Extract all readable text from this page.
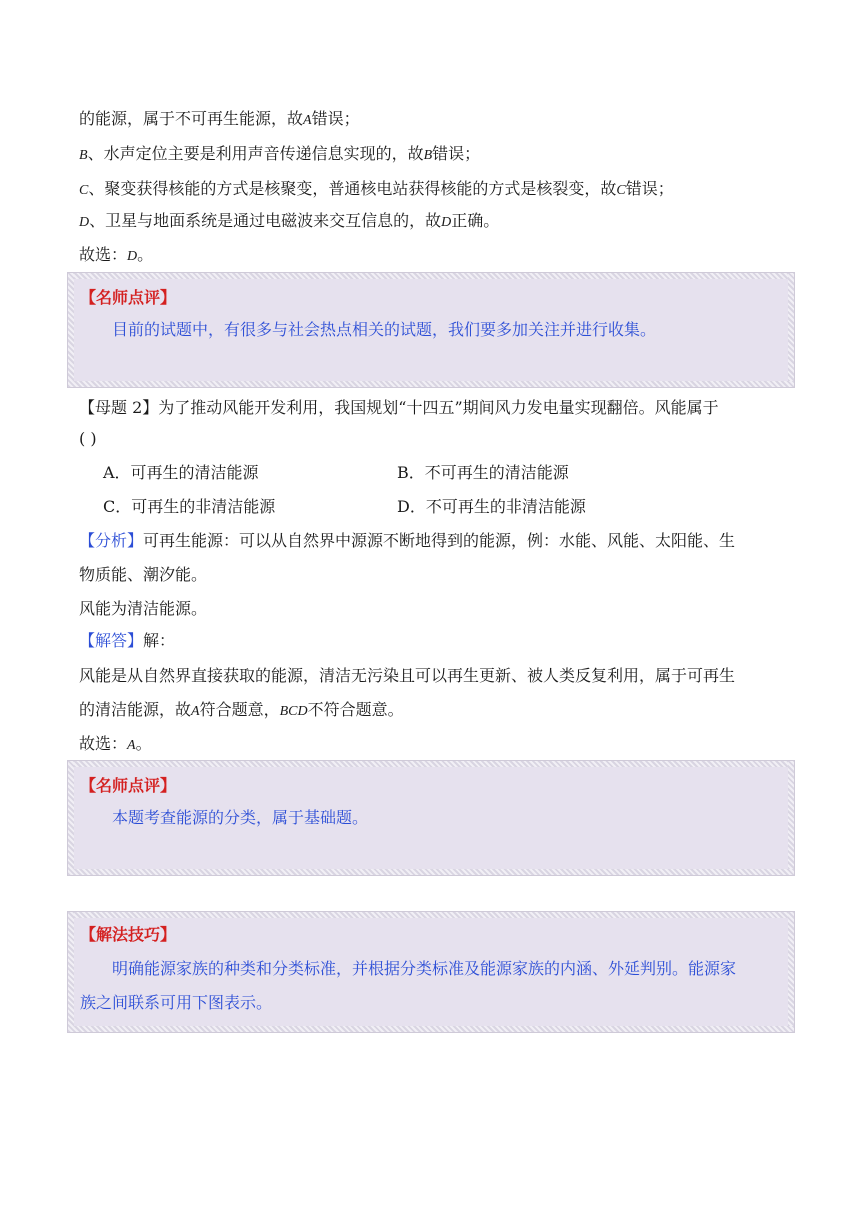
的能源，属于不可再生能源，故A错误；
B、水声定位主要是利用声音传递信息实现的，故B错误；
C、聚变获得核能的方式是核聚变，普通核电站获得核能的方式是核裂变，故C错误；
D、卫星与地面系统是通过电磁波来交互信息的，故D正确。
故选：D。
【名师点评】
目前的试题中，有很多与社会热点相关的试题，我们要多加关注并进行收集。
【母题 2】为了推动风能开发利用，我国规划“十四五”期间风力发电量实现翻倍。风能属于
( )
A．可再生的清洁能源	B．不可再生的清洁能源
C．可再生的非清洁能源	D．不可再生的非清洁能源
【分析】可再生能源：可以从自然界中源源不断地得到的能源，例：水能、风能、太阳能、生
物质能、潮汐能。
风能为清洁能源。
【解答】解：
风能是从自然界直接获取的能源，清洁无污染且可以再生更新、被人类反复利用，属于可再生
的清洁能源，故A符合题意，BCD不符合题意。
故选：A。
【名师点评】
本题考查能源的分类，属于基础题。
【解法技巧】
明确能源家族的种类和分类标准，并根据分类标准及能源家族的内涵、外延判别。能源家
族之间联系可用下图表示。
